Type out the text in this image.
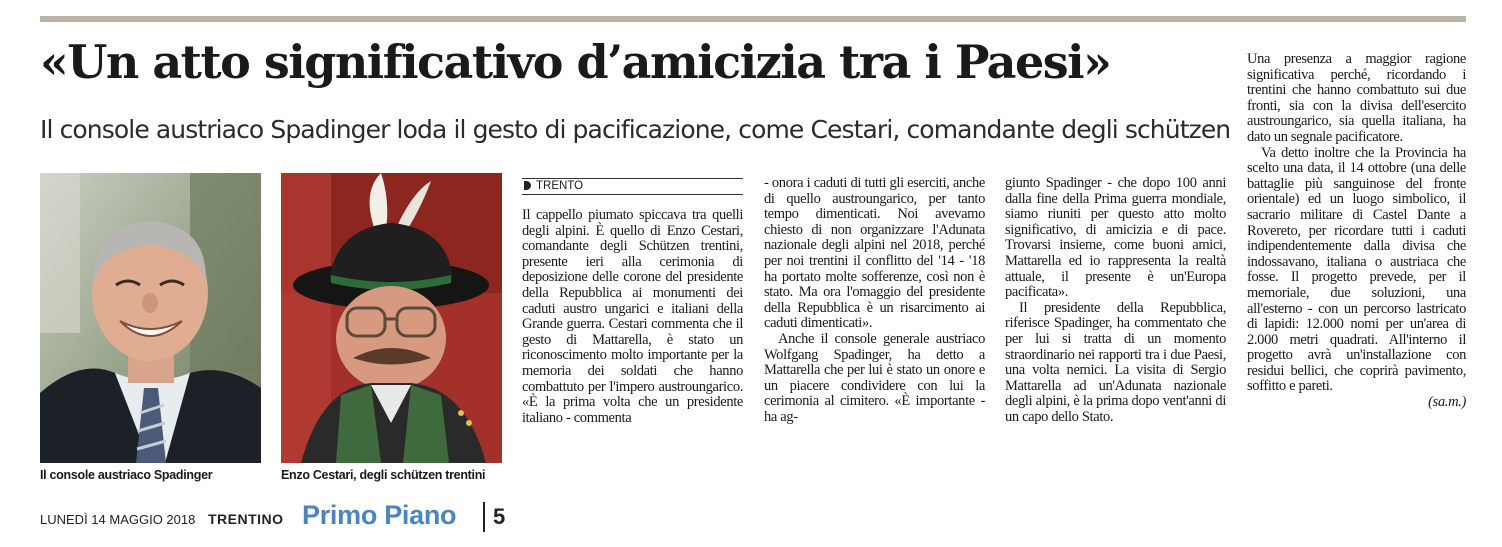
«Un atto significativo d’amicizia tra i Paesi»
Il console austriaco Spadinger loda il gesto di pacificazione, come Cestari, comandante degli schützen
Il console austriaco Spadinger	Enzo Cestari, degli schützen trentini
TRENTO

Il cappello piumato spiccava tra quelli degli alpini. È quello di Enzo Cestari, comandante degli Schützen trentini, presente ieri alla cerimonia di deposizione delle corone del presidente della Repubblica ai monumenti dei caduti austro ungarici e italiani della Grande guerra. Cestari commenta che il gesto di Mattarella, è stato un riconoscimento molto importante per la memoria dei soldati che hanno combattuto per l'impero austroungarico. «È la prima volta che un presidente italiano - commenta

- onora i caduti di tutti gli eserciti, anche di quello austroungarico, per tanto tempo dimenticati. Noi avevamo chiesto di non organizzare l'Adunata nazionale degli alpini nel 2018, perché per noi trentini il conflitto del '14 - '18 ha portato molte sofferenze, così non è stato. Ma ora l'omaggio del presidente della Repubblica è un risarcimento ai caduti dimenticati».

Anche il console generale austriaco Wolfgang Spadinger, ha detto a Mattarella che per lui è stato un onore e un piacere condividere con lui la cerimonia al cimitero. «È importante - ha ag-

giunto Spadinger - che dopo 100 anni dalla fine della Prima guerra mondiale, siamo riuniti per questo atto molto significativo, di amicizia e di pace. Trovarsi insieme, come buoni amici, Mattarella ed io rappresenta la realtà attuale, il presente è un'Europa pacificata».

Il presidente della Repubblica, riferisce Spadinger, ha commentato che per lui si tratta di un momento straordinario nei rapporti tra i due Paesi, una volta nemici. La visita di Sergio Mattarella ad un'Adunata nazionale degli alpini, è la prima dopo vent'anni di un capo dello Stato.

Una presenza a maggior ragione significativa perché, ricordando i trentini che hanno combattuto sui due fronti, sia con la divisa dell'esercito austroungarico, sia quella italiana, ha dato un segnale pacificatore.

Va detto inoltre che la Provincia ha scelto una data, il 14 ottobre (una delle battaglie più sanguinose del fronte orientale) ed un luogo simbolico, il sacrario militare di Castel Dante a Rovereto, per ricordare tutti i caduti indipendentemente dalla divisa che indossavano, italiana o austriaca che fosse. Il progetto prevede, per il memoriale, due soluzioni, una all'esterno - con un percorso lastricato di lapidi: 12.000 nomi per un'area di 2.000 metri quadrati. All'interno il progetto avrà un'installazione con residui bellici, che coprirà pavimento, soffitto e pareti.

(sa.m.)
LUNEDÌ 14 MAGGIO 2018 TRENTINO Primo Piano 5
